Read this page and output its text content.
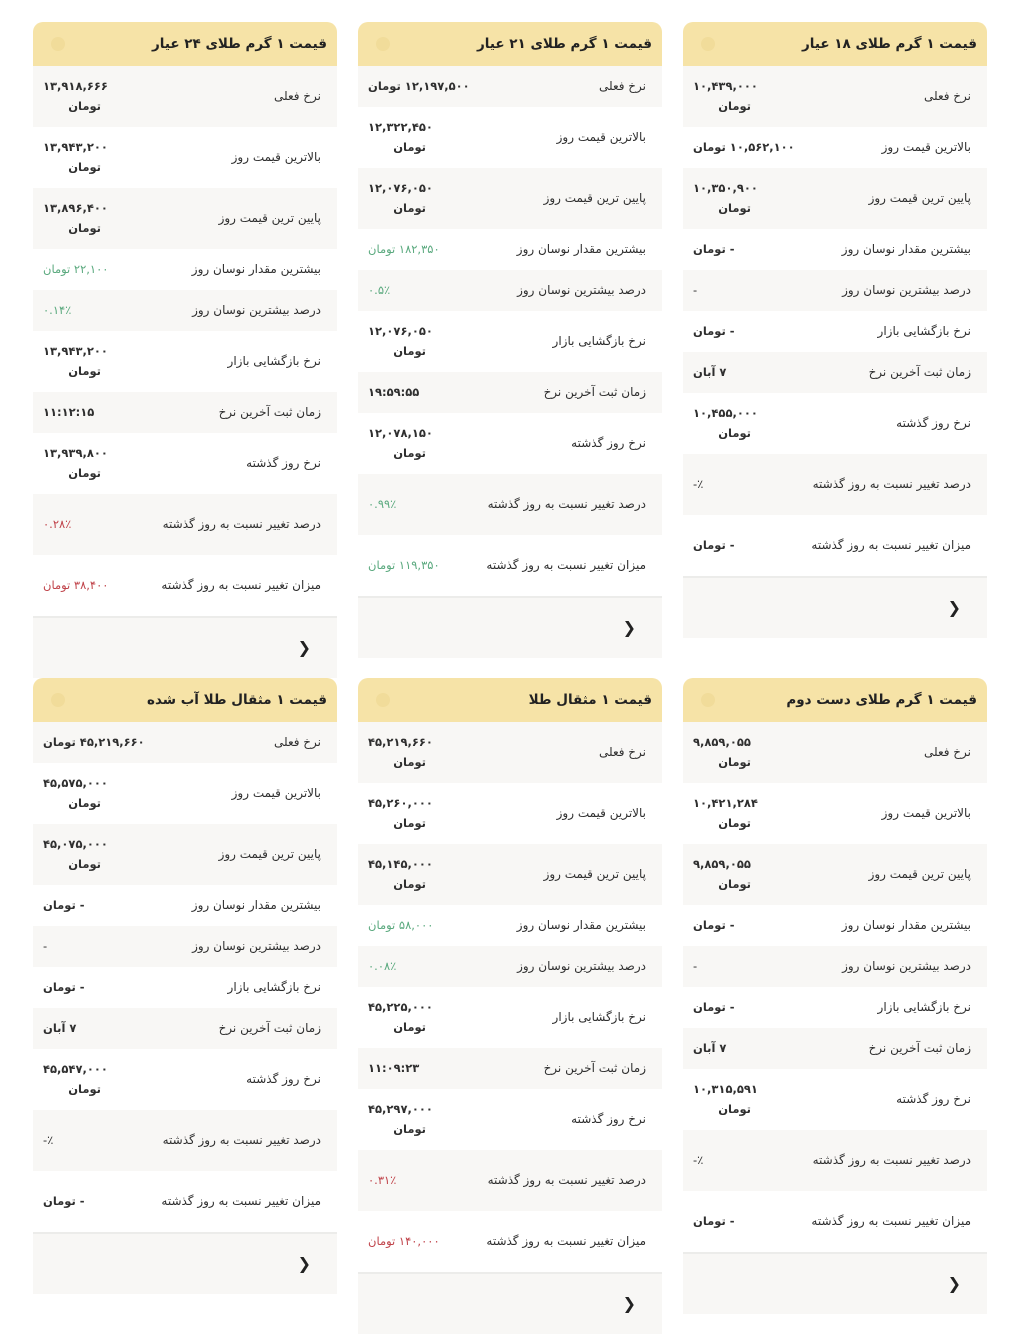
قیمت ۱ گرم طلای ۱۸ عیار
نرخ فعلی
۱۰,۴۳۹,۰۰۰
تومان
بالاترین قیمت روز
۱۰,۵۶۲,۱۰۰ تومان
پایین ترین قیمت روز
۱۰,۳۵۰,۹۰۰
تومان
بیشترین مقدار نوسان روز
- تومان
درصد بیشترین نوسان روز
-
نرخ بازگشایی بازار
- تومان
زمان ثبت آخرین نرخ
۷ آبان
نرخ روز گذشته
۱۰,۴۵۵,۰۰۰
تومان
درصد تغییر نسبت به روز گذشته
٪-
میزان تغییر نسبت به روز گذشته
- تومان
❮
قیمت ۱ گرم طلای ۲۱ عیار
نرخ فعلی
۱۲,۱۹۷,۵۰۰ تومان
بالاترین قیمت روز
۱۲,۳۲۲,۴۵۰
تومان
پایین ترین قیمت روز
۱۲,۰۷۶,۰۵۰
تومان
بیشترین مقدار نوسان روز
۱۸۲,۳۵۰ تومان
درصد بیشترین نوسان روز
۰.۵٪
نرخ بازگشایی بازار
۱۲,۰۷۶,۰۵۰
تومان
زمان ثبت آخرین نرخ
۱۹:۵۹:۵۵
نرخ روز گذشته
۱۲,۰۷۸,۱۵۰
تومان
درصد تغییر نسبت به روز گذشته
۰.۹۹٪
میزان تغییر نسبت به روز گذشته
۱۱۹,۳۵۰ تومان
❮
قیمت ۱ گرم طلای ۲۴ عیار
نرخ فعلی
۱۳,۹۱۸,۶۶۶
تومان
بالاترین قیمت روز
۱۳,۹۴۳,۲۰۰
تومان
پایین ترین قیمت روز
۱۳,۸۹۶,۴۰۰
تومان
بیشترین مقدار نوسان روز
۲۲,۱۰۰ تومان
درصد بیشترین نوسان روز
۰.۱۴٪
نرخ بازگشایی بازار
۱۳,۹۴۳,۲۰۰
تومان
زمان ثبت آخرین نرخ
۱۱:۱۲:۱۵
نرخ روز گذشته
۱۳,۹۳۹,۸۰۰
تومان
درصد تغییر نسبت به روز گذشته
۰.۲۸٪
میزان تغییر نسبت به روز گذشته
۳۸,۴۰۰ تومان
❮
قیمت ۱ گرم طلای دست دوم
نرخ فعلی
۹,۸۵۹,۰۵۵
تومان
بالاترین قیمت روز
۱۰,۴۲۱,۲۸۴
تومان
پایین ترین قیمت روز
۹,۸۵۹,۰۵۵
تومان
بیشترین مقدار نوسان روز
- تومان
درصد بیشترین نوسان روز
-
نرخ بازگشایی بازار
- تومان
زمان ثبت آخرین نرخ
۷ آبان
نرخ روز گذشته
۱۰,۳۱۵,۵۹۱
تومان
درصد تغییر نسبت به روز گذشته
٪-
میزان تغییر نسبت به روز گذشته
- تومان
❮
قیمت ۱ مثقال طلا
نرخ فعلی
۴۵,۲۱۹,۶۶۰
تومان
بالاترین قیمت روز
۴۵,۲۶۰,۰۰۰
تومان
پایین ترین قیمت روز
۴۵,۱۴۵,۰۰۰
تومان
بیشترین مقدار نوسان روز
۵۸,۰۰۰ تومان
درصد بیشترین نوسان روز
۰.۰۸٪
نرخ بازگشایی بازار
۴۵,۲۲۵,۰۰۰
تومان
زمان ثبت آخرین نرخ
۱۱:۰۹:۲۳
نرخ روز گذشته
۴۵,۲۹۷,۰۰۰
تومان
درصد تغییر نسبت به روز گذشته
۰.۳۱٪
میزان تغییر نسبت به روز گذشته
۱۴۰,۰۰۰ تومان
❮
قیمت ۱ مثقال طلا آب شده
نرخ فعلی
۴۵,۲۱۹,۶۶۰ تومان
بالاترین قیمت روز
۴۵,۵۷۵,۰۰۰
تومان
پایین ترین قیمت روز
۴۵,۰۷۵,۰۰۰
تومان
بیشترین مقدار نوسان روز
- تومان
درصد بیشترین نوسان روز
-
نرخ بازگشایی بازار
- تومان
زمان ثبت آخرین نرخ
۷ آبان
نرخ روز گذشته
۴۵,۵۴۷,۰۰۰
تومان
درصد تغییر نسبت به روز گذشته
٪-
میزان تغییر نسبت به روز گذشته
- تومان
❮
